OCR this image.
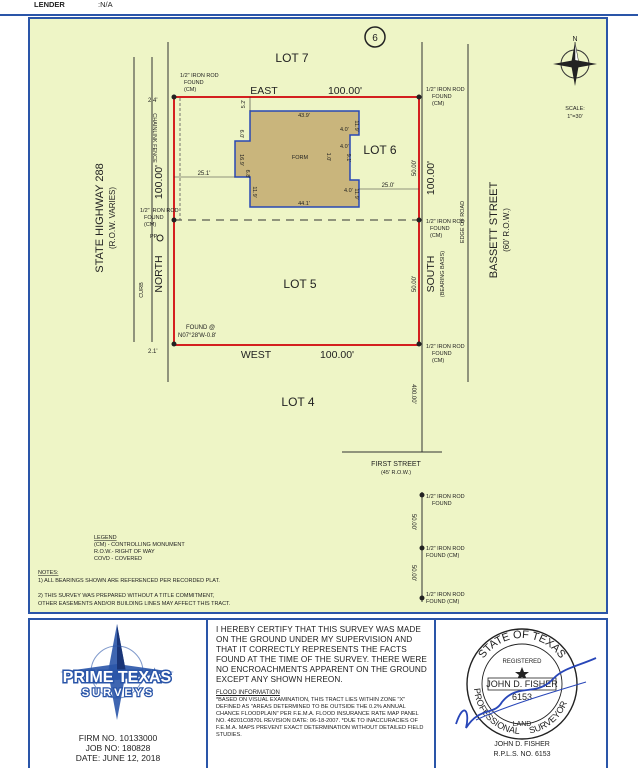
LENDER	:N/A
6	N
SCALE:
1"=30'
LOT 7
LOT 6
LOT 5
LOT 4
EAST	100.00'
WEST	100.00'
100.00'
NORTH
100.00'
SOUTH (BEARING BASIS)
50.00'
50.00'
400.00'
50.00'
50.00'
2.4'
2.1'
5.2'
25.1'
25.0'
43.9'
44.1'
FORM
4.0' 11.9'
4.0'
9.1'
1.0'
4.0' 11.9'
6.0'
16.9'
6.8'
11.9'
1/2" IRON ROD
FOUND
(CM)	1/2" IRON ROD
FOUND
(CM)
1/2" IRON ROD
FOUND
(CM)	1/2" IRON ROD
FOUND
(CM)
1/2" IRON ROD
FOUND
(CM)
1/2" IRON ROD
FOUND
1/2" IRON ROD
FOUND (CM)
1/2" IRON ROD
FOUND (CM)
FOUND @
N07°28'W-0.8'
CHAINLINK FENCE
PP
CURB
EDGE OF ROAD
STATE HIGHWAY 288 (R.O.W. VARIES)	BASSETT STREET (60' R.O.W.)
FIRST STREET
(45' R.O.W.)
LEGEND
(CM) - CONTROLLING MONUMENT
R.O.W.- RIGHT OF WAY
COVD - COVERED
NOTES:
1) ALL BEARINGS SHOWN ARE REFERENCED PER RECORDED PLAT.
2) THIS SURVEY WAS PREPARED WITHOUT A TITLE COMMITMENT,
OTHER EASEMENTS AND/OR BUILDING LINES MAY AFFECT THIS TRACT.
PRIME TEXAS
S U R V E Y S
FIRM NO. 10133000
JOB NO: 180828
DATE: JUNE 12, 2018
I HEREBY CERTIFY THAT THIS SURVEY WAS MADE ON THE GROUND UNDER MY SUPERVISION AND THAT IT CORRECTLY REPRESENTS THE FACTS FOUND AT THE TIME OF THE SURVEY. THERE WERE NO ENCROACHMENTS APPARENT ON THE GROUND EXCEPT ANY SHOWN HEREON.
FLOOD INFORMATION
*BASED ON VISUAL EXAMINATION, THIS TRACT LIES WITHIN ZONE "X" DEFINED AS "AREAS DETERMINED TO BE OUTSIDE THE 0.2% ANNUAL CHANCE FLOODPLAIN" PER F.E.M.A. FLOOD INSURANCE RATE MAP PANEL NO. 48201C0870L REVISION DATE: 06-18-2007. *DUE TO INACCURACIES OF F.E.M.A. MAPS PREVENT EXACT DETERMINATION WITHOUT DETAILED FIELD STUDIES.
STATE OF TEXAS
PROFESSIONAL SURVEYOR
REGISTERED
JOHN D. FISHER
6153
LAND
JOHN D. FISHER
R.P.L.S. NO. 6153
